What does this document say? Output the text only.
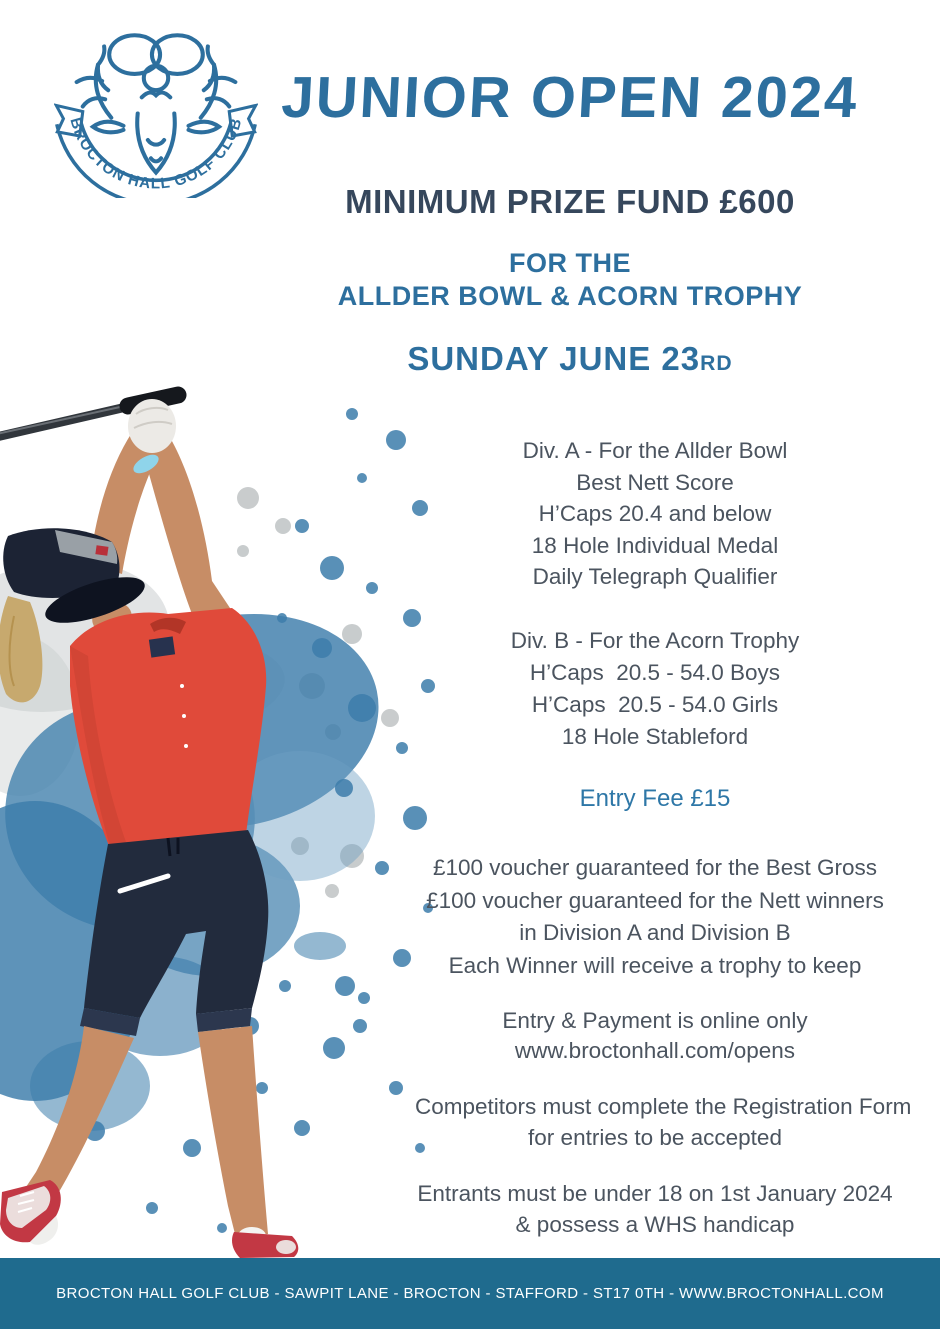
BROCTON HALL GOLF CLUB JUNIOR OPEN 2024
MINIMUM PRIZE FUND £600
FOR THE
ALLDER BOWL & ACORN TROPHY
SUNDAY JUNE 23RD
Div. A - For the Allder Bowl
Best Nett Score
H’Caps 20.4 and below
18 Hole Individual Medal
Daily Telegraph Qualifier
Div. B - For the Acorn Trophy
H’Caps  20.5 - 54.0 Boys
H’Caps  20.5 - 54.0 Girls
18 Hole Stableford
Entry Fee £15
£100 voucher guaranteed for the Best Gross
£100 voucher guaranteed for the Nett winners
in Division A and Division B
Each Winner will receive a trophy to keep
Entry & Payment is online only
www.broctonhall.com/opens
Competitors must complete the Registration Form
for entries to be accepted
Entrants must be under 18 on 1st January 2024
& possess a WHS handicap
BROCTON HALL GOLF CLUB - SAWPIT LANE - BROCTON - STAFFORD - ST17 0TH - WWW.BROCTONHALL.COM
